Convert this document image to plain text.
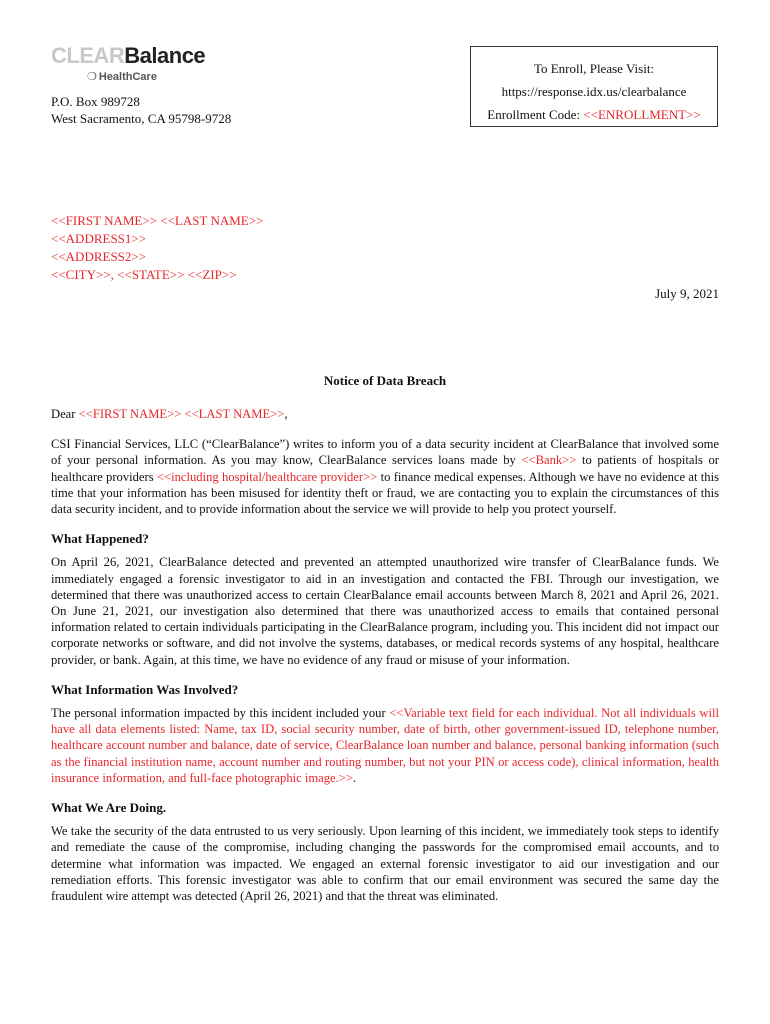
CLEARBalance
❍ HealthCare
P.O. Box 989728
West Sacramento, CA 95798-9728
To Enroll, Please Visit:
https://response.idx.us/clearbalance
Enrollment Code: <<ENROLLMENT>>
<<FIRST NAME>> <<LAST NAME>>
<<ADDRESS1>>
<<ADDRESS2>>
<<CITY>>, <<STATE>> <<ZIP>>
July 9, 2021
Notice of Data Breach

Dear <<FIRST NAME>> <<LAST NAME>>,

CSI Financial Services, LLC (“ClearBalance”) writes to inform you of a data security incident at ClearBalance that involved some of your personal information. As you may know, ClearBalance services loans made by <<Bank>> to patients of hospitals or healthcare providers <<including hospital/healthcare provider>> to finance medical expenses. Although we have no evidence at this time that your information has been misused for identity theft or fraud, we are contacting you to explain the circumstances of this data security incident, and to provide information about the service we will provide to help you protect yourself.

What Happened?

On April 26, 2021, ClearBalance detected and prevented an attempted unauthorized wire transfer of ClearBalance funds. We immediately engaged a forensic investigator to aid in an investigation and contacted the FBI. Through our investigation, we determined that there was unauthorized access to certain ClearBalance email accounts between March 8, 2021 and April 26, 2021. On June 21, 2021, our investigation also determined that there was unauthorized access to emails that contained personal information related to certain individuals participating in the ClearBalance program, including you. This incident did not impact our corporate networks or software, and did not involve the systems, databases, or medical records systems of any hospital, healthcare provider, or bank. Again, at this time, we have no evidence of any fraud or misuse of your information.

What Information Was Involved?

The personal information impacted by this incident included your <<Variable text field for each individual. Not all individuals will have all data elements listed: Name, tax ID, social security number, date of birth, other government-issued ID, telephone number, healthcare account number and balance, date of service, ClearBalance loan number and balance, personal banking information (such as the financial institution name, account number and routing number, but not your PIN or access code), clinical information, health insurance information, and full-face photographic image.>>.

What We Are Doing.

We take the security of the data entrusted to us very seriously. Upon learning of this incident, we immediately took steps to identify and remediate the cause of the compromise, including changing the passwords for the compromised email accounts, and to determine what information was impacted. We engaged an external forensic investigator to aid our investigation and our remediation efforts. This forensic investigator was able to confirm that our email environment was secured the same day the fraudulent wire attempt was detected (April 26, 2021) and that the threat was eliminated.
